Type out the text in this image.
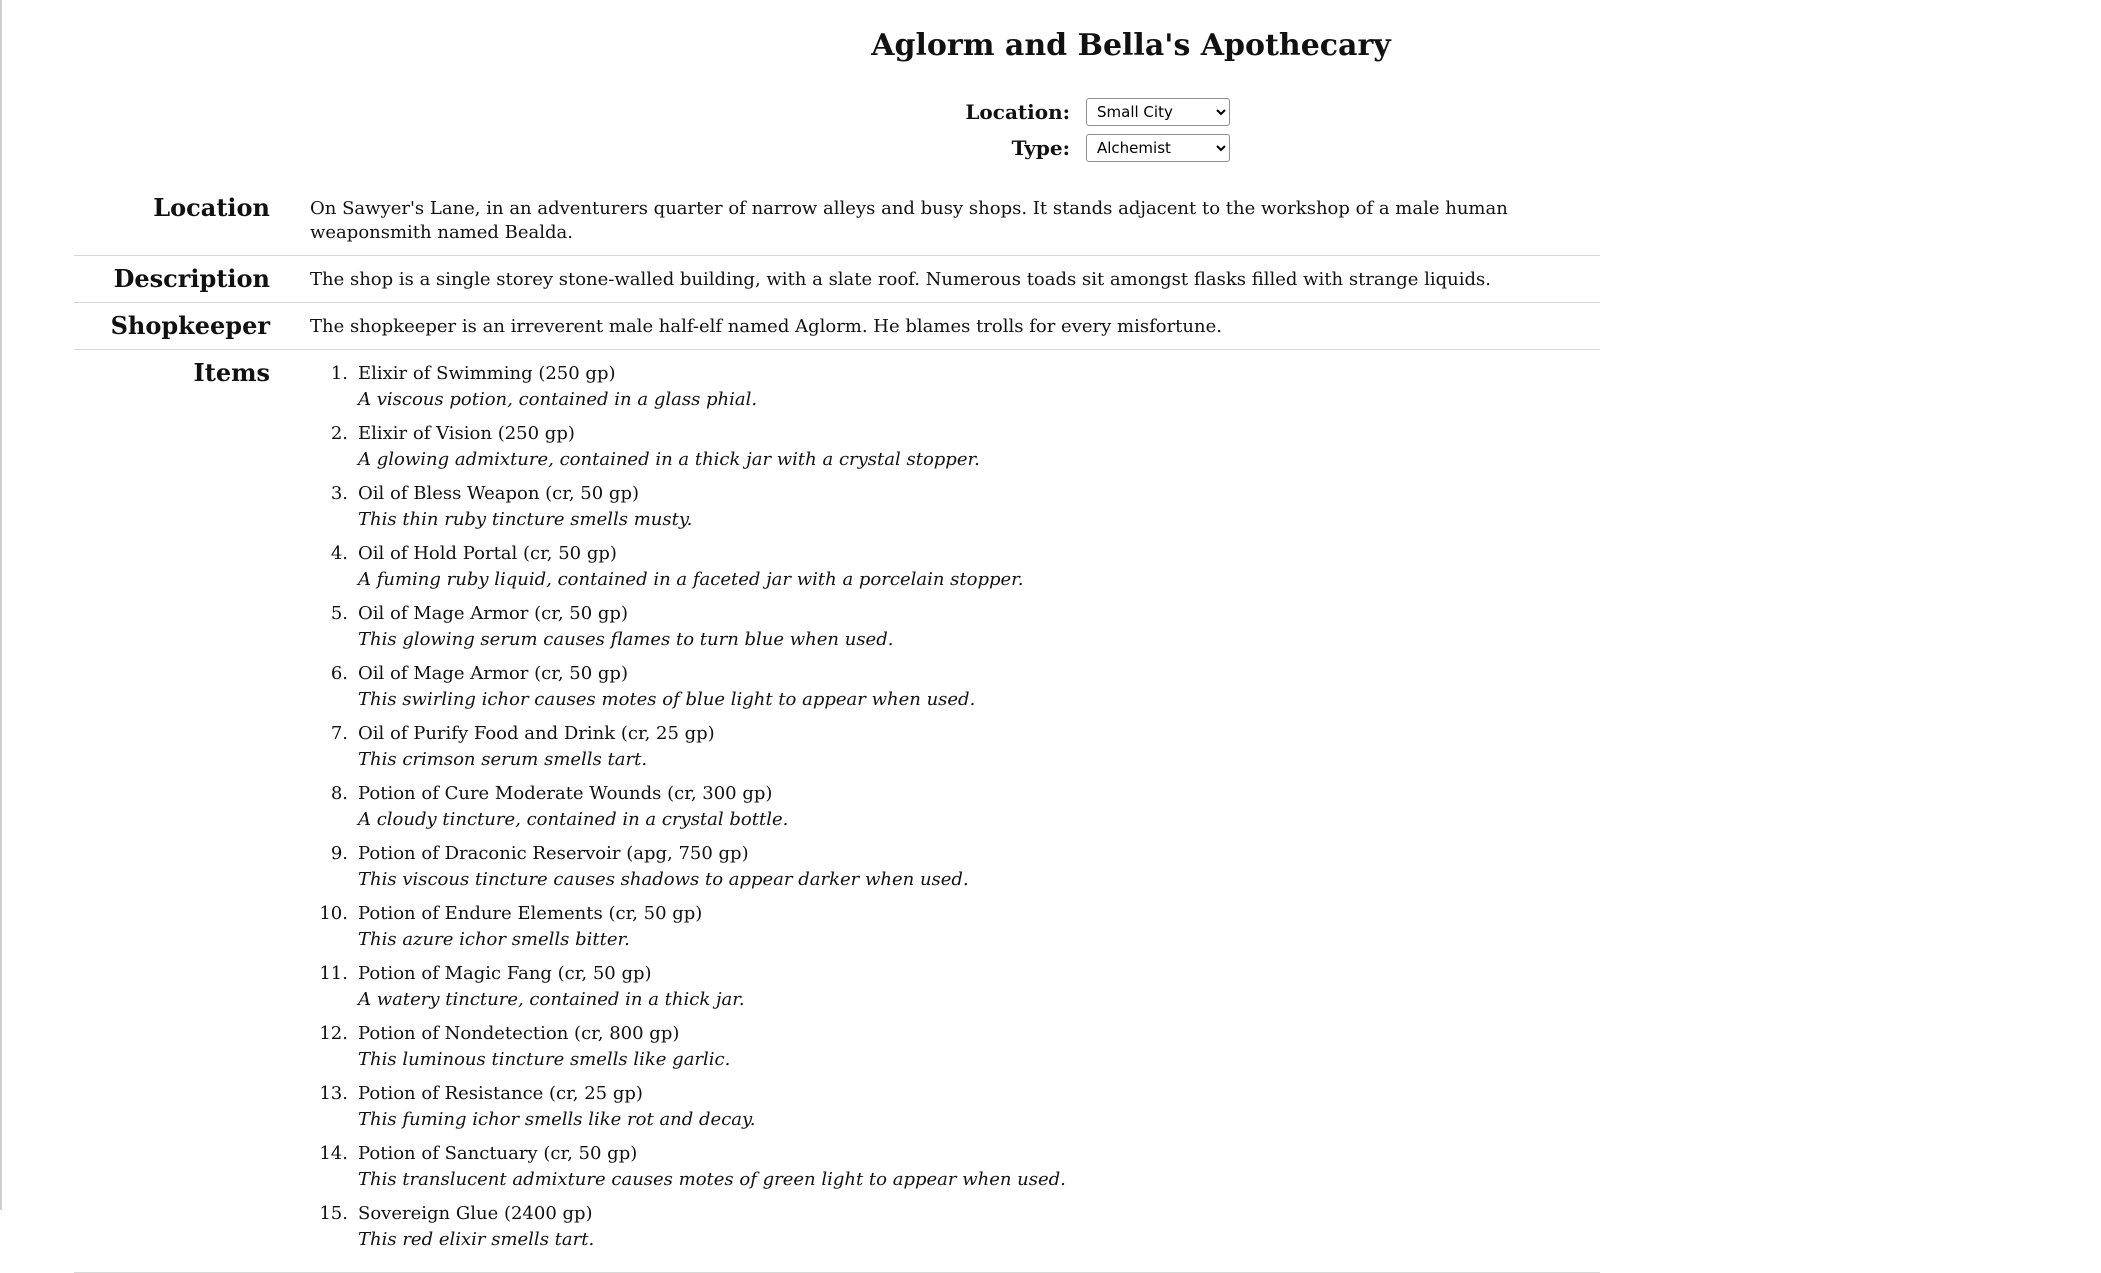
Aglorm and Bella's Apothecary
Location:
Small City
Type:
Alchemist
Location	On Sawyer's Lane, in an adventurers quarter of narrow alleys and busy shops. It stands adjacent to the workshop of a male human weaponsmith named Bealda.
Description	The shop is a single storey stone-walled building, with a slate roof. Numerous toads sit amongst flasks filled with strange liquids.
Shopkeeper	The shopkeeper is an irreverent male half-elf named Aglorm. He blames trolls for every misfortune.
Items	1. Elixir of Swimming (250 gp)
A viscous potion, contained in a glass phial.
2. Elixir of Vision (250 gp)
A glowing admixture, contained in a thick jar with a crystal stopper.
3. Oil of Bless Weapon (cr, 50 gp)
This thin ruby tincture smells musty.
4. Oil of Hold Portal (cr, 50 gp)
A fuming ruby liquid, contained in a faceted jar with a porcelain stopper.
5. Oil of Mage Armor (cr, 50 gp)
This glowing serum causes flames to turn blue when used.
6. Oil of Mage Armor (cr, 50 gp)
This swirling ichor causes motes of blue light to appear when used.
7. Oil of Purify Food and Drink (cr, 25 gp)
This crimson serum smells tart.
8. Potion of Cure Moderate Wounds (cr, 300 gp)
A cloudy tincture, contained in a crystal bottle.
9. Potion of Draconic Reservoir (apg, 750 gp)
This viscous tincture causes shadows to appear darker when used.
10. Potion of Endure Elements (cr, 50 gp)
This azure ichor smells bitter.
11. Potion of Magic Fang (cr, 50 gp)
A watery tincture, contained in a thick jar.
12. Potion of Nondetection (cr, 800 gp)
This luminous tincture smells like garlic.
13. Potion of Resistance (cr, 25 gp)
This fuming ichor smells like rot and decay.
14. Potion of Sanctuary (cr, 50 gp)
This translucent admixture causes motes of green light to appear when used.
15. Sovereign Glue (2400 gp)
This red elixir smells tart.
